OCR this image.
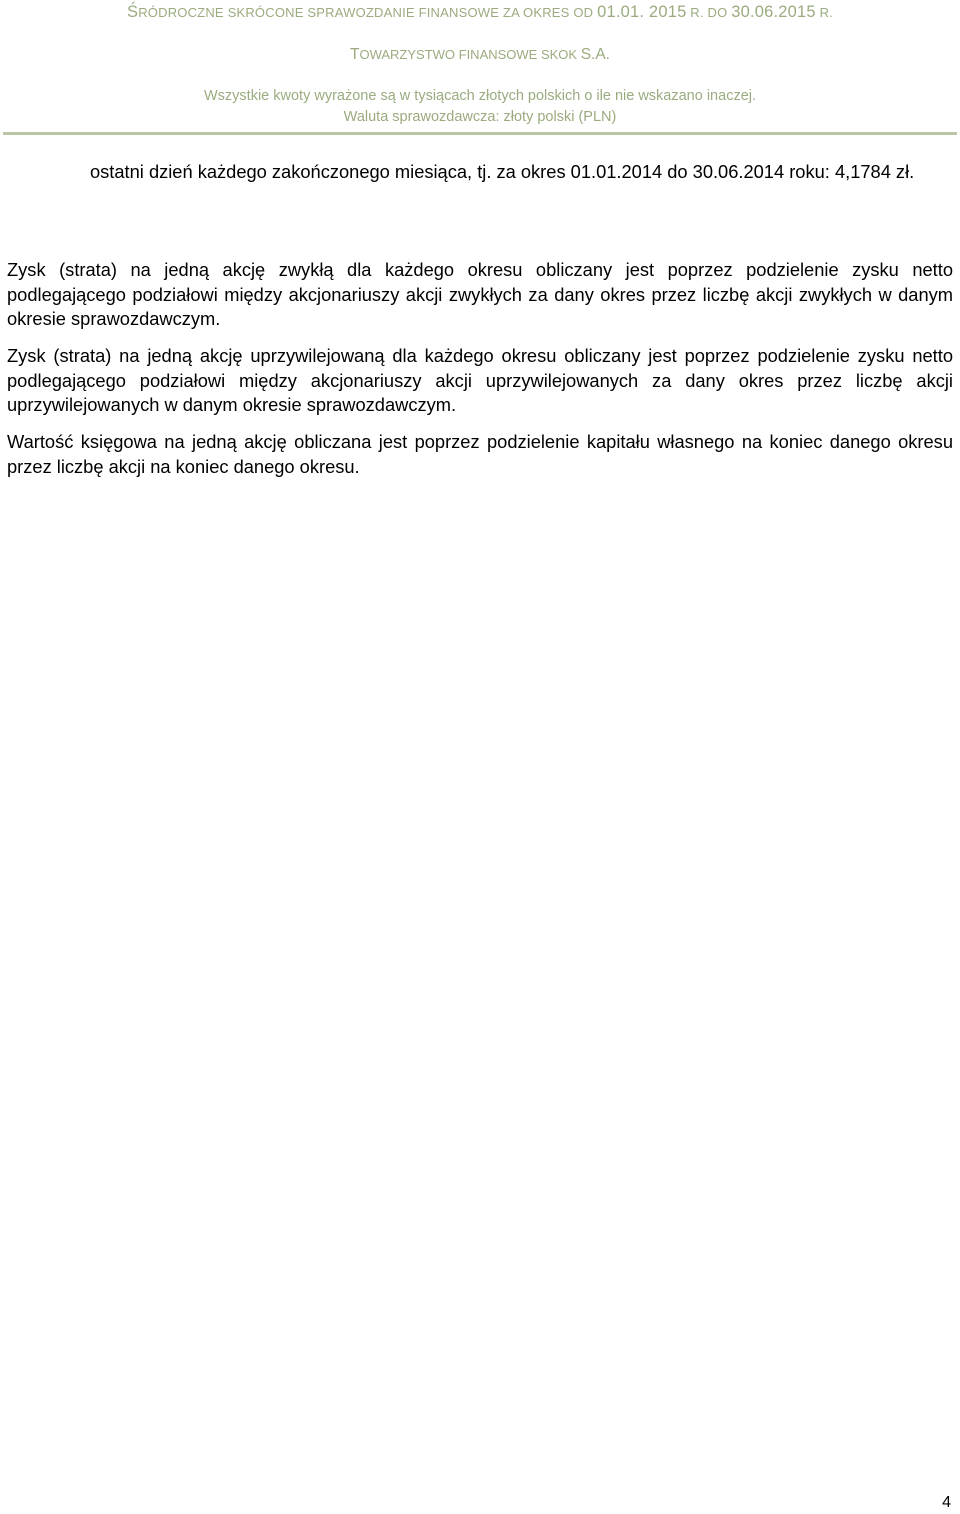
ŚRÓDROCZNE SKRÓCONE SPRAWOZDANIE FINANSOWE ZA OKRES OD 01.01. 2015 R. DO 30.06.2015 R.
TOWARZYSTWO FINANSOWE SKOK S.A.
Wszystkie kwoty wyrażone są w tysiącach złotych polskich o ile nie wskazano inaczej.
Waluta sprawozdawcza: złoty polski (PLN)
ostatni dzień każdego zakończonego miesiąca, tj. za okres 01.01.2014 do 30.06.2014 roku: 4,1784 zł.
Zysk (strata) na jedną akcję zwykłą dla każdego okresu obliczany jest poprzez podzielenie zysku netto podlegającego podziałowi między akcjonariuszy akcji zwykłych za dany okres przez liczbę akcji zwykłych w danym okresie sprawozdawczym.
Zysk (strata) na jedną akcję uprzywilejowaną dla każdego okresu obliczany jest poprzez podzielenie zysku netto podlegającego podziałowi między akcjonariuszy akcji uprzywilejowanych za dany okres przez liczbę akcji uprzywilejowanych w danym okresie sprawozdawczym.
Wartość księgowa na jedną akcję obliczana jest poprzez podzielenie kapitału własnego na koniec danego okresu przez liczbę akcji na koniec danego okresu.
4
